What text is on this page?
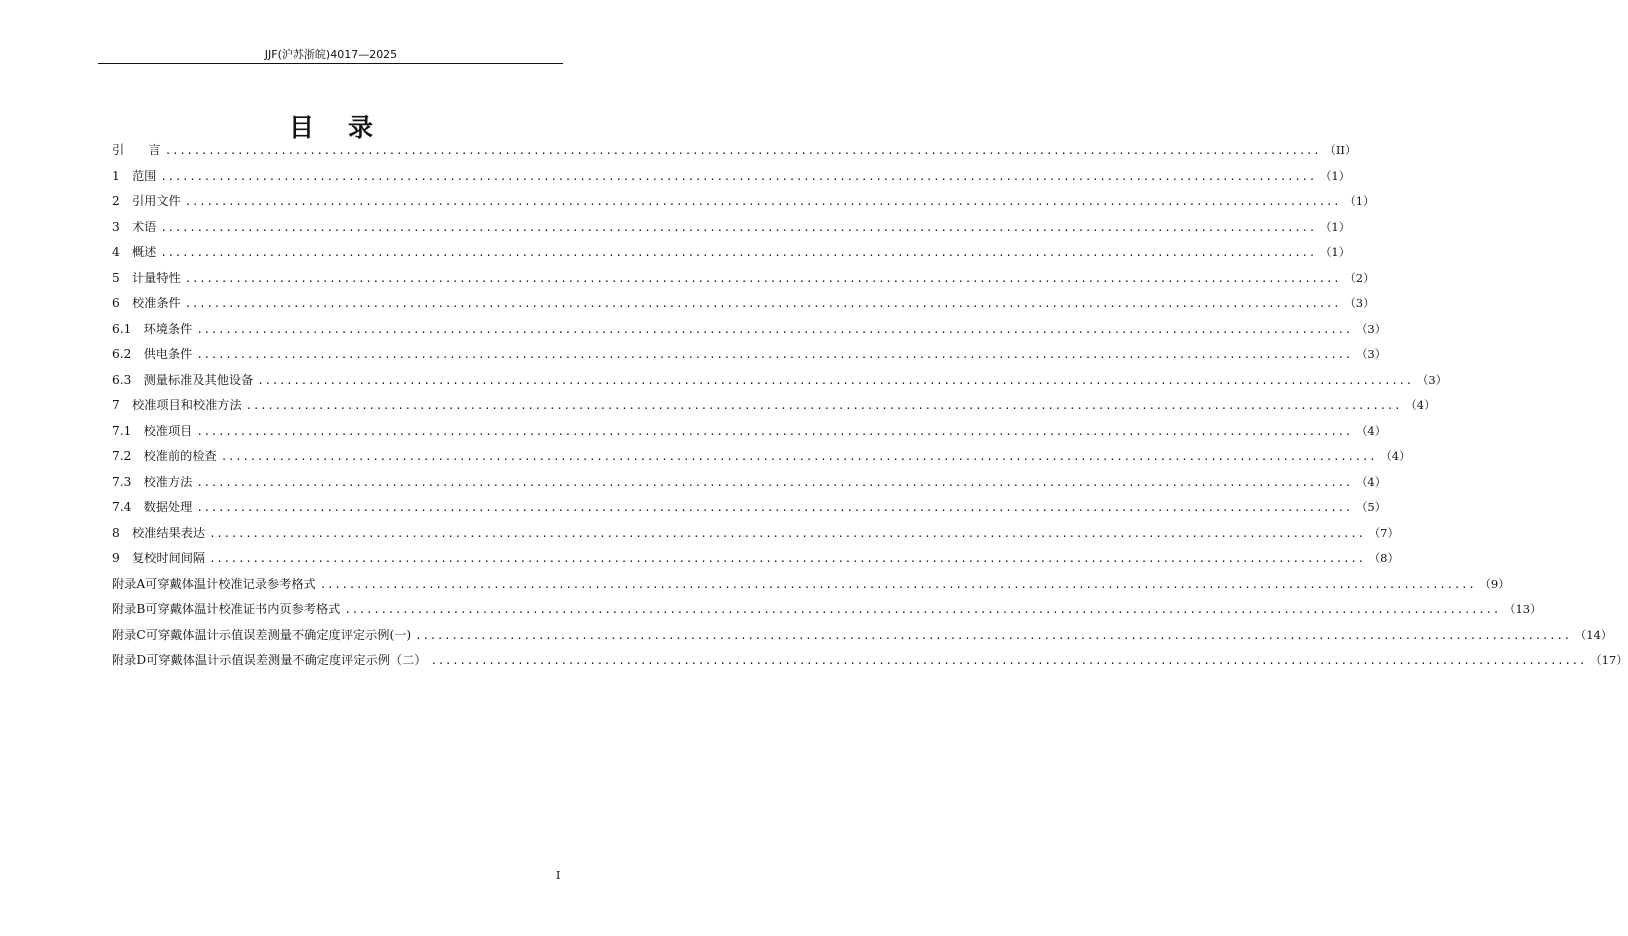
JJF(沪苏浙皖)4017—2025
目录
引　　言 ................................................................................................................................................................ （II）
1　范围 ................................................................................................................................................................ （1）
2　引用文件 ................................................................................................................................................................ （1）
3　术语 ................................................................................................................................................................ （1）
4　概述 ................................................................................................................................................................ （1）
5　计量特性 ................................................................................................................................................................ （2）
6　校准条件 ................................................................................................................................................................ （3）
6.1　环境条件 ................................................................................................................................................................ （3）
6.2　供电条件 ................................................................................................................................................................ （3）
6.3　测量标准及其他设备 ................................................................................................................................................................ （3）
7　校准项目和校准方法 ................................................................................................................................................................ （4）
7.1　校准项目 ................................................................................................................................................................ （4）
7.2　校准前的检查 ................................................................................................................................................................ （4）
7.3　校准方法 ................................................................................................................................................................ （4）
7.4　数据处理 ................................................................................................................................................................ （5）
8　校准结果表达 ................................................................................................................................................................ （7）
9　复校时间间隔 ................................................................................................................................................................ （8）
附录A可穿戴体温计校准记录参考格式 ................................................................................................................................................................ （9）
附录B可穿戴体温计校准证书内页参考格式 ................................................................................................................................................................ （13）
附录C可穿戴体温计示值误差测量不确定度评定示例(一) ................................................................................................................................................................ （14）
附录D可穿戴体温计示值误差测量不确定度评定示例（二） ................................................................................................................................................................ （17）
I
